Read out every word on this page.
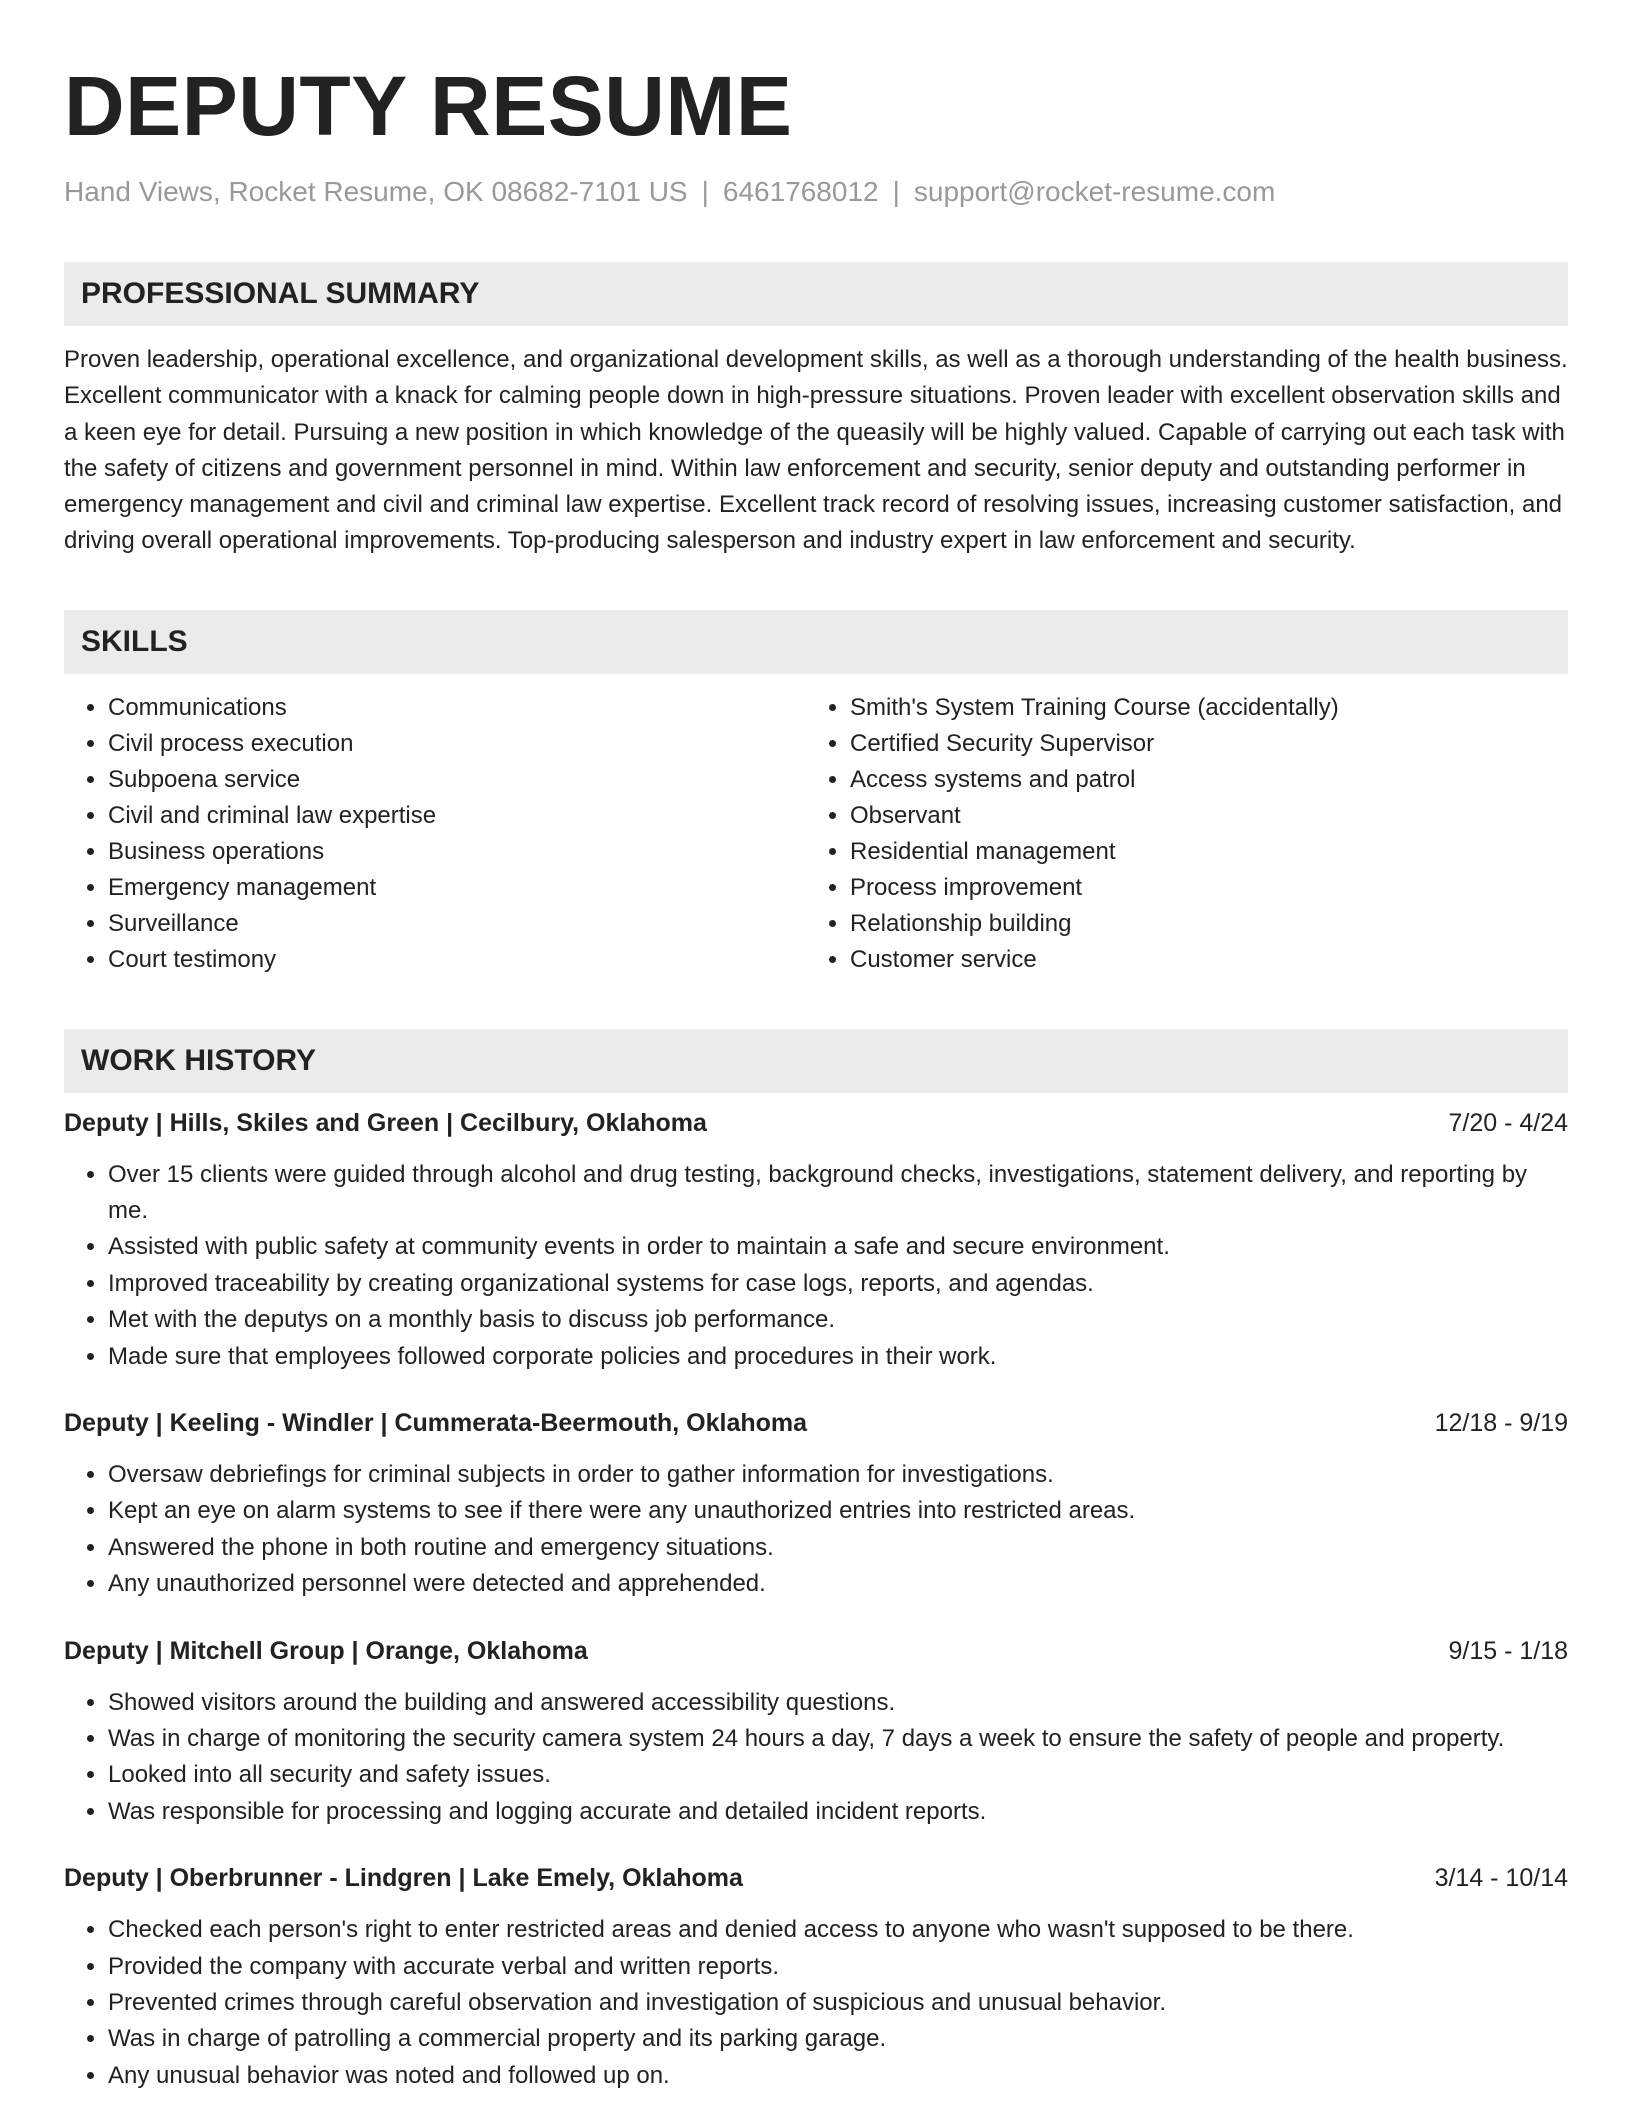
DEPUTY RESUME
Hand Views, Rocket Resume, OK 08682-7101 US | 6461768012 | support@rocket-resume.com
PROFESSIONAL SUMMARY
Proven leadership, operational excellence, and organizational development skills, as well as a thorough understanding of the health business. Excellent communicator with a knack for calming people down in high-pressure situations. Proven leader with excellent observation skills and a keen eye for detail. Pursuing a new position in which knowledge of the queasily will be highly valued. Capable of carrying out each task with the safety of citizens and government personnel in mind. Within law enforcement and security, senior deputy and outstanding performer in emergency management and civil and criminal law expertise. Excellent track record of resolving issues, increasing customer satisfaction, and driving overall operational improvements. Top-producing salesperson and industry expert in law enforcement and security.
SKILLS
• Communications
• Civil process execution
• Subpoena service
• Civil and criminal law expertise
• Business operations
• Emergency management
• Surveillance
• Court testimony
• Smith's System Training Course (accidentally)
• Certified Security Supervisor
• Access systems and patrol
• Observant
• Residential management
• Process improvement
• Relationship building
• Customer service
WORK HISTORY
Deputy | Hills, Skiles and Green | Cecilbury, Oklahoma	7/20 - 4/24
• Over 15 clients were guided through alcohol and drug testing, background checks, investigations, statement delivery, and reporting by me.
• Assisted with public safety at community events in order to maintain a safe and secure environment.
• Improved traceability by creating organizational systems for case logs, reports, and agendas.
• Met with the deputys on a monthly basis to discuss job performance.
• Made sure that employees followed corporate policies and procedures in their work.
Deputy | Keeling - Windler | Cummerata-Beermouth, Oklahoma	12/18 - 9/19
• Oversaw debriefings for criminal subjects in order to gather information for investigations.
• Kept an eye on alarm systems to see if there were any unauthorized entries into restricted areas.
• Answered the phone in both routine and emergency situations.
• Any unauthorized personnel were detected and apprehended.
Deputy | Mitchell Group | Orange, Oklahoma	9/15 - 1/18
• Showed visitors around the building and answered accessibility questions.
• Was in charge of monitoring the security camera system 24 hours a day, 7 days a week to ensure the safety of people and property.
• Looked into all security and safety issues.
• Was responsible for processing and logging accurate and detailed incident reports.
Deputy | Oberbrunner - Lindgren | Lake Emely, Oklahoma	3/14 - 10/14
• Checked each person's right to enter restricted areas and denied access to anyone who wasn't supposed to be there.
• Provided the company with accurate verbal and written reports.
• Prevented crimes through careful observation and investigation of suspicious and unusual behavior.
• Was in charge of patrolling a commercial property and its parking garage.
• Any unusual behavior was noted and followed up on.
